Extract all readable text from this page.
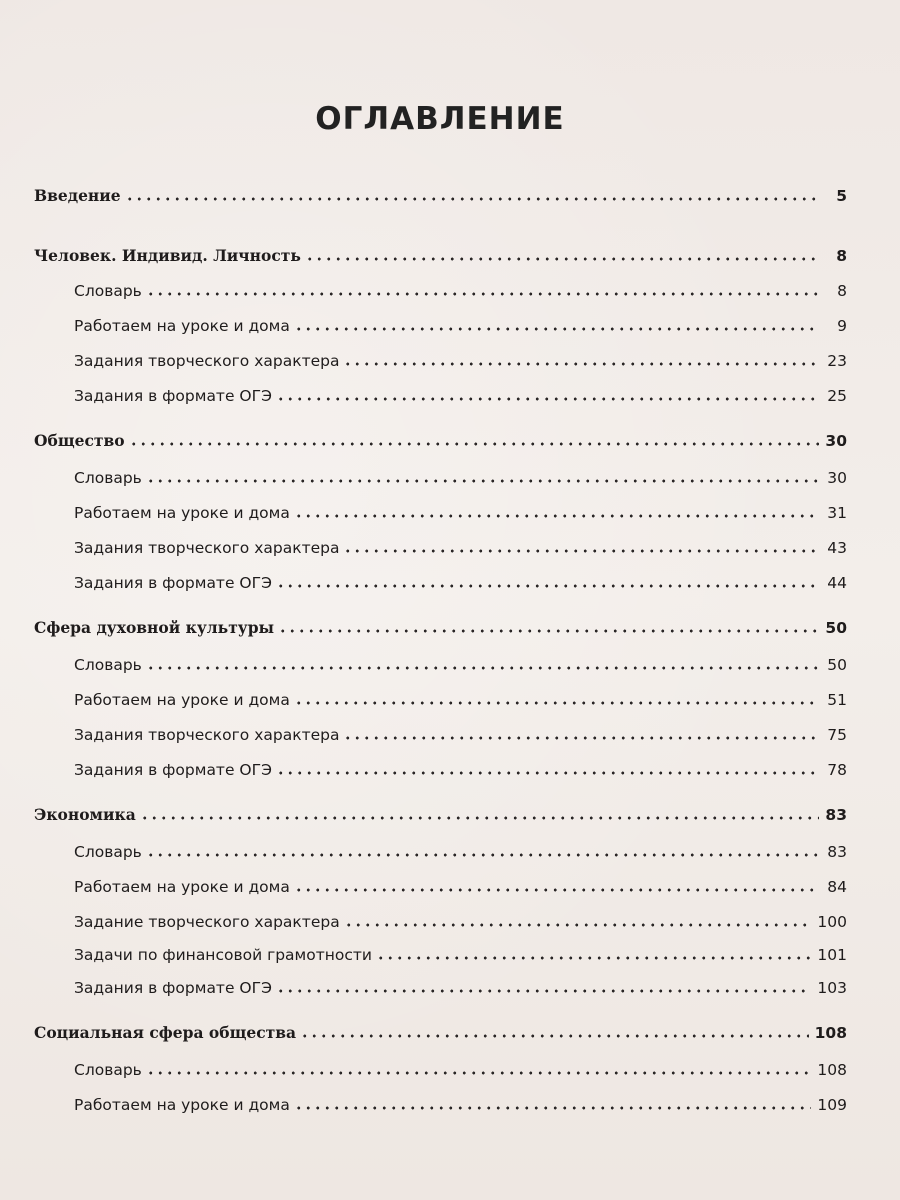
ОГЛАВЛЕНИЕ
Введение	5
Человек. Индивид. Личность	8
Словарь	8
Работаем на уроке и дома	9
Задания творческого характера	23
Задания в формате ОГЭ	25
Общество	30
Словарь	30
Работаем на уроке и дома	31
Задания творческого характера	43
Задания в формате ОГЭ	44
Сфера духовной культуры	50
Словарь	50
Работаем на уроке и дома	51
Задания творческого характера	75
Задания в формате ОГЭ	78
Экономика	83
Словарь	83
Работаем на уроке и дома	84
Задание творческого характера	100
Задачи по финансовой грамотности	101
Задания в формате ОГЭ	103
Социальная сфера общества	108
Словарь	108
Работаем на уроке и дома	109
